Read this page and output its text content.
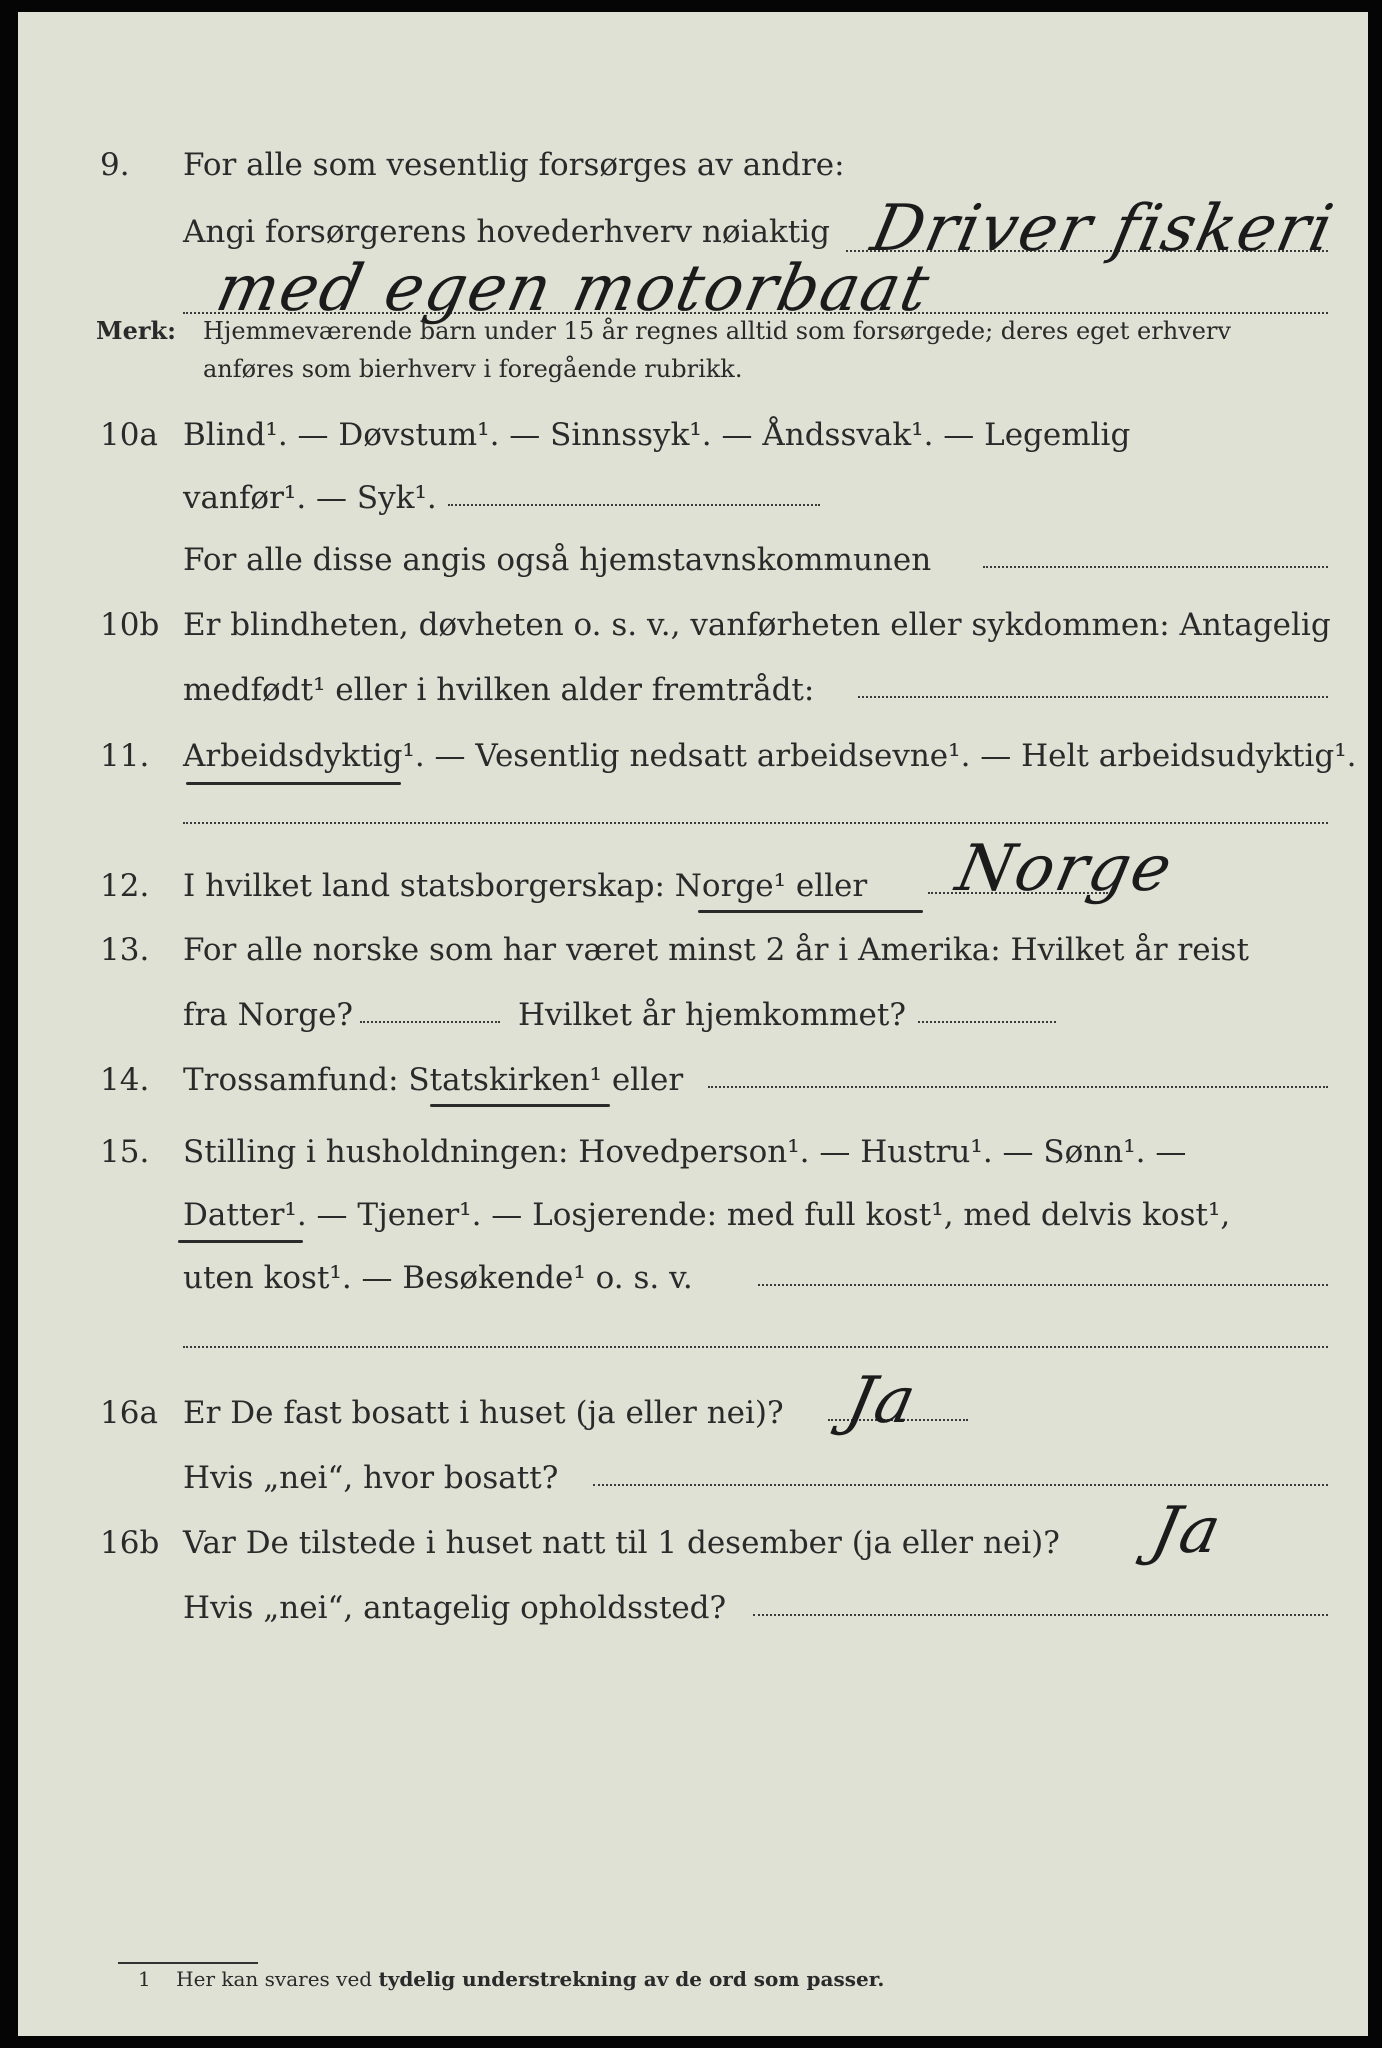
9.	For alle som vesentlig forsørges av andre:
Angi forsørgerens hovederhverv nøiaktig Driver fiskeri
med egen motorbaat
Merk:	Hjemmeværende barn under 15 år regnes alltid som forsørgede; deres eget erhverv
anføres som bierhverv i foregående rubrikk.
10a Blind¹. — Døvstum¹. — Sinnssyk¹. — Åndssvak¹. — Legemlig
vanfør¹. — Syk¹.
For alle disse angis også hjemstavnskommunen
10b Er blindheten, døvheten o. s. v., vanførheten eller sykdommen: Antagelig
medfødt¹ eller i hvilken alder fremtrådt:
11.	Arbeidsdyktig¹. — Vesentlig nedsatt arbeidsevne¹. — Helt arbeidsudyktig¹.
12.	I hvilket land statsborgerskap: Norge¹ eller Norge
13.	For alle norske som har været minst 2 år i Amerika: Hvilket år reist
fra Norge?	Hvilket år hjemkommet?
14.	Trossamfund: Statskirken¹ eller
15.	Stilling i husholdningen: Hovedperson¹. — Hustru¹. — Sønn¹. —
Datter¹. — Tjener¹. — Losjerende: med full kost¹, med delvis kost¹,
uten kost¹. — Besøkende¹ o. s. v.
16a Er De fast bosatt i huset (ja eller nei)? Ja
Hvis „nei“, hvor bosatt?
16b Var De tilstede i huset natt til 1 desember (ja eller nei)? Ja
Hvis „nei“, antagelig opholdssted?
1 Her kan svares ved tydelig understrekning av de ord som passer.
